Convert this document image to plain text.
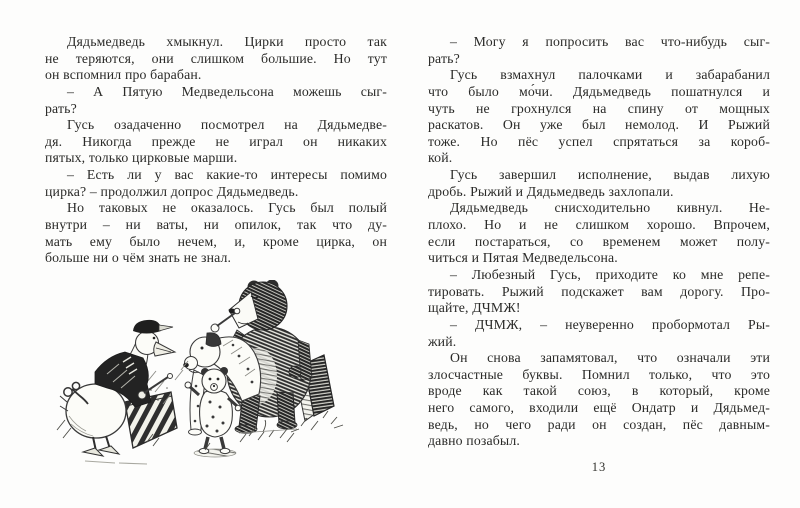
Дядьмедведь хмыкнул. Цирки просто так
не теряются, они слишком большие. Но тут
он вспомнил про барабан.
– А Пятую Медведельсона можешь сыг-
рать?
Гусь озадаченно посмотрел на Дядьмедве-
дя. Никогда прежде не играл он никаких
пятых, только цирковые марши.
– Есть ли у вас какие-то интересы помимо
цирка? – продолжил допрос Дядьмедведь.
Но таковых не оказалось. Гусь был полый
внутри – ни ваты, ни опилок, так что ду-
мать ему было нечем, и, кроме цирка, он
больше ни о чём знать не знал.
– Могу я попросить вас что-нибудь сыг-
рать?
Гусь взмахнул палочками и забарабанил
что было мо́чи. Дядьмедведь пошатнулся и
чуть не грохнулся на спину от мощных
раскатов. Он уже был немолод. И Рыжий
тоже. Но пёс успел спрятаться за короб-
кой.
Гусь завершил исполнение, выдав лихую
дробь. Рыжий и Дядьмедведь захлопали.
Дядьмедведь снисходительно кивнул. Не-
плохо. Но и не слишком хорошо. Впрочем,
если постараться, со временем может полу-
читься и Пятая Медведельсона.
– Любезный Гусь, приходите ко мне репе-
тировать. Рыжий подскажет вам дорогу. Про-
щайте, ДЧМЖ!
– ДЧМЖ, – неуверенно пробормотал Ры-
жий.
Он снова запамятовал, что означали эти
злосчастные буквы. Помнил только, что это
вроде как такой союз, в который, кроме
него самого, входили ещё Ондатр и Дядьмед-
ведь, но чего ради он создан, пёс давным-
давно позабыл.
13
